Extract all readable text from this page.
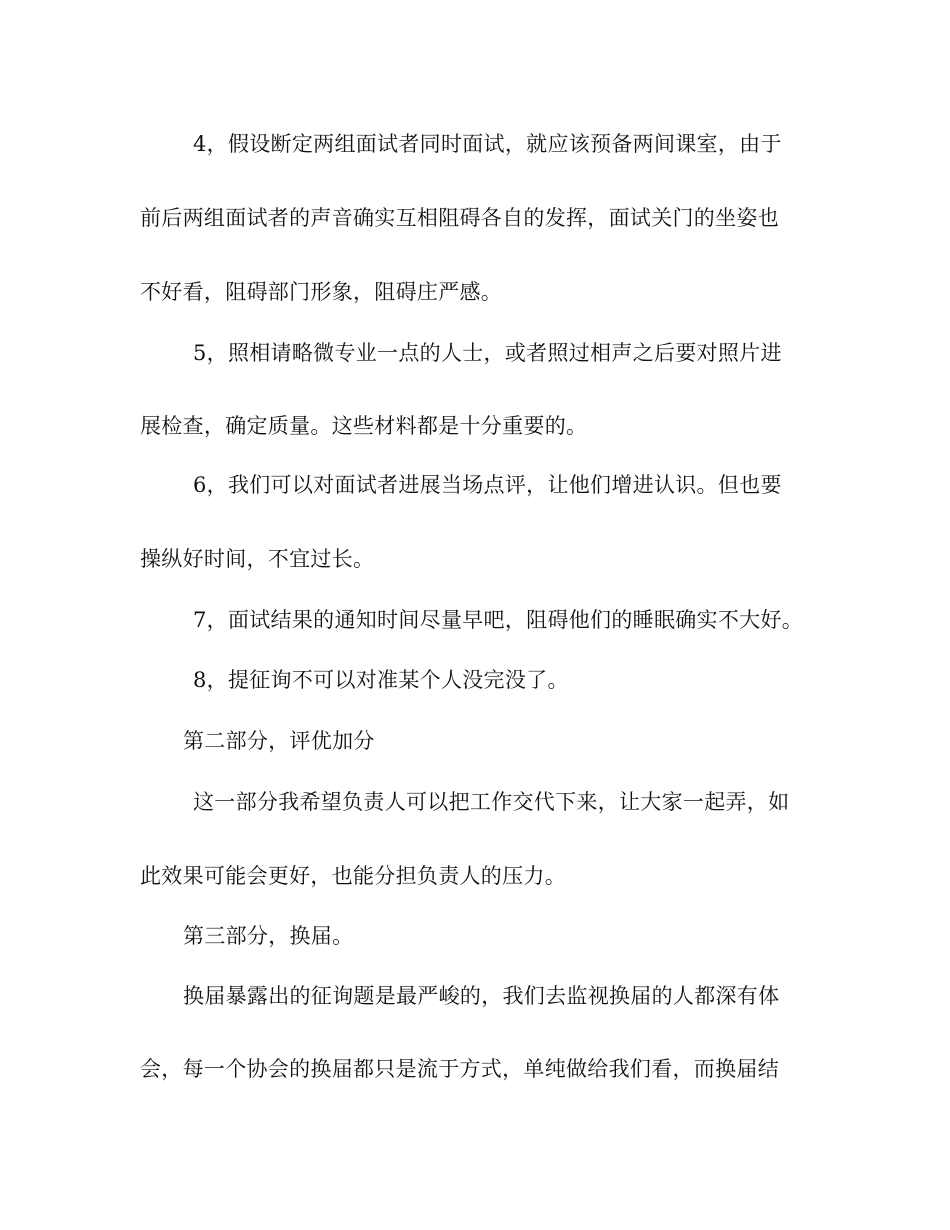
4，假设断定两组面试者同时面试，就应该预备两间课室，由于
前后两组面试者的声音确实互相阻碍各自的发挥，面试关门的坐姿也
不好看，阻碍部门形象，阻碍庄严感。
5，照相请略微专业一点的人士，或者照过相声之后要对照片进
展检查，确定质量。这些材料都是十分重要的。
6，我们可以对面试者进展当场点评，让他们增进认识。但也要
操纵好时间，不宜过长。
7，面试结果的通知时间尽量早吧，阻碍他们的睡眠确实不大好。
8，提征询不可以对准某个人没完没了。
第二部分，评优加分
这一部分我希望负责人可以把工作交代下来，让大家一起弄，如
此效果可能会更好，也能分担负责人的压力。
第三部分，换届。
换届暴露出的征询题是最严峻的，我们去监视换届的人都深有体
会，每一个协会的换届都只是流于方式，单纯做给我们看，而换届结
